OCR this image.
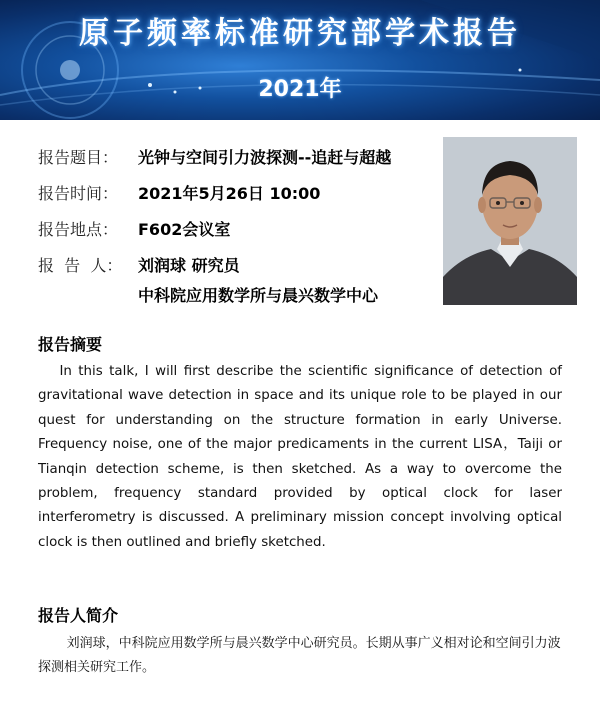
原子频率标准研究部学术报告
2021年
报告题目：	光钟与空间引力波探测--追赶与超越
报告时间：	2021年5月26日 10:00
报告地点：	F602会议室
报  告  人： 刘润球 研究员
中科院应用数学所与晨兴数学中心
报告摘要
In this talk, I will first describe the scientific significance of detection of gravitational wave detection in space and its unique role to be played in our quest for understanding on the structure formation in early Universe. Frequency noise, one of the major predicaments in the current LISA，Taiji or Tianqin detection scheme, is then sketched. As a way to overcome the problem, frequency standard provided by optical clock for laser interferometry is discussed. A preliminary mission concept involving optical clock is then outlined and briefly sketched.
报告人简介
刘润球，中科院应用数学所与晨兴数学中心研究员。长期从事广义相对论和空间引力波探测相关研究工作。
